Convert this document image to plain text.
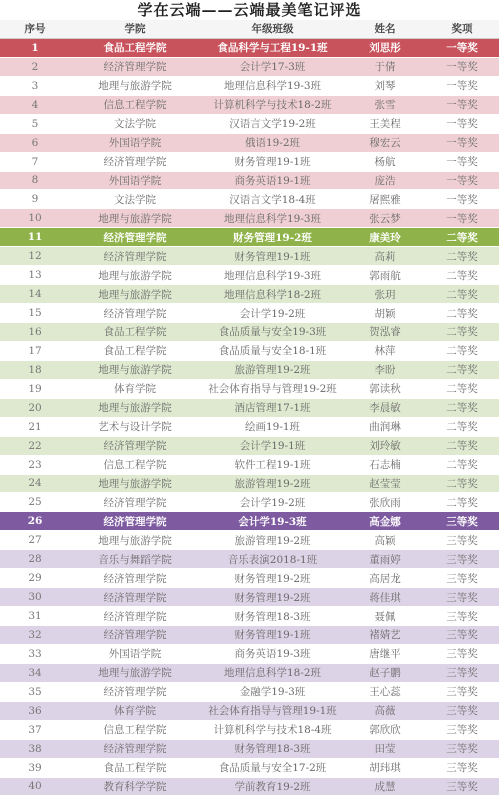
学在云端——云端最美笔记评选
序号	学院	年级班级	姓名	奖项
1	食品工程学院	食品科学与工程19-1班	刘思彤	一等奖
2	经济管理学院	会计学17-3班	于倩	一等奖
3	地理与旅游学院	地理信息科学19-3班	刘琴	一等奖
4	信息工程学院	计算机科学与技术18-2班	张雪	一等奖
5	文法学院	汉语言文学19-2班	王美程	一等奖
6	外国语学院	俄语19-2班	穆宏云	一等奖
7	经济管理学院	财务管理19-1班	杨航	一等奖
8	外国语学院	商务英语19-1班	庞浩	一等奖
9	文法学院	汉语言文学18-4班	屠熙雅	一等奖
10	地理与旅游学院	地理信息科学19-3班	张云梦	一等奖
11	经济管理学院	财务管理19-2班	康美玲	二等奖
12	经济管理学院	财务管理19-1班	高莉	二等奖
13	地理与旅游学院	地理信息科学19-3班	郭雨航	二等奖
14	地理与旅游学院	地理信息科学18-2班	张玥	二等奖
15	经济管理学院	会计学19-2班	胡颖	二等奖
16	食品工程学院	食品质量与安全19-3班	贺泓睿	二等奖
17	食品工程学院	食品质量与安全18-1班	林萍	二等奖
18	地理与旅游学院	旅游管理19-2班	李盼	二等奖
19	体育学院	社会体育指导与管理19-2班	郭读秋	二等奖
20	地理与旅游学院	酒店管理17-1班	李晨敏	二等奖
21	艺术与设计学院	绘画19-1班	曲润琳	二等奖
22	经济管理学院	会计学19-1班	刘玲敏	二等奖
23	信息工程学院	软件工程19-1班	石志楠	二等奖
24	地理与旅游学院	旅游管理19-2班	赵莹莹	二等奖
25	经济管理学院	会计学19-2班	张欣雨	二等奖
26	经济管理学院	会计学19-3班	高金娜	三等奖
27	地理与旅游学院	旅游管理19-2班	高颖	三等奖
28	音乐与舞蹈学院	音乐表演2018-1班	董雨婷	三等奖
29	经济管理学院	财务管理19-2班	高居龙	三等奖
30	经济管理学院	财务管理19-2班	蒋佳琪	三等奖
31	经济管理学院	财务管理18-3班	聂佩	三等奖
32	经济管理学院	财务管理19-1班	褚婧艺	三等奖
33	外国语学院	商务英语19-3班	唐继平	三等奖
34	地理与旅游学院	地理信息科学18-2班	赵子鹏	三等奖
35	经济管理学院	金融学19-3班	王心蕊	三等奖
36	体育学院	社会体育指导与管理19-1班	高薇	三等奖
37	信息工程学院	计算机科学与技术18-4班	郭欣欣	三等奖
38	经济管理学院	财务管理18-3班	田莹	三等奖
39	食品工程学院	食品质量与安全17-2班	胡玮琪	三等奖
40	教育科学学院	学前教育19-2班	成慧	三等奖
